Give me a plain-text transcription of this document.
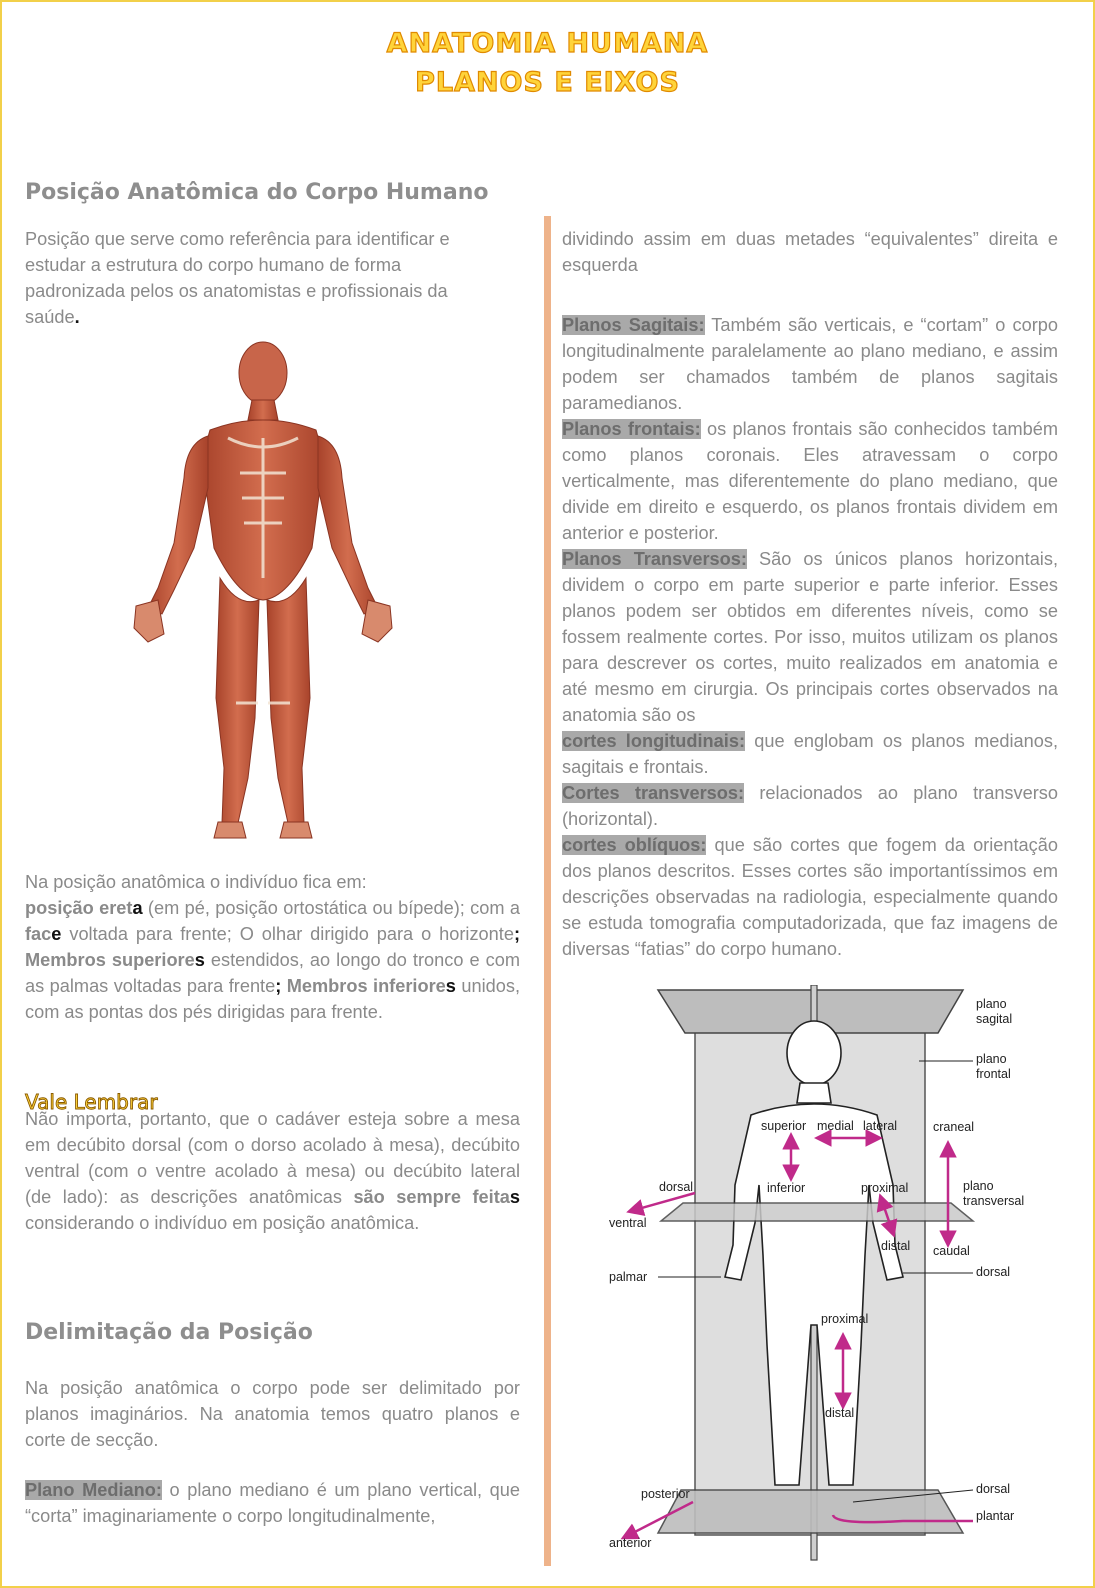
ANATOMIA HUMANA
PLANOS E EIXOS
Posição Anatômica do Corpo Humano

Posição que serve como referência para identificar e estudar a estrutura do corpo humano de forma padronizada pelos os anatomistas e profissionais da saúde.

Na posição anatômica o indivíduo fica em:
posição ereta (em pé, posição ortostática ou bípede); com a face voltada para frente; O olhar dirigido para o horizonte; Membros superiores estendidos, ao longo do tronco e com as palmas voltadas para frente; Membros inferiores unidos, com as pontas dos pés dirigidas para frente.

Vale Lembrar

Não importa, portanto, que o cadáver esteja sobre a mesa em decúbito dorsal (com o dorso acolado à mesa), decúbito ventral (com o ventre acolado à mesa) ou decúbito lateral (de lado): as descrições anatômicas são sempre feitas considerando o indivíduo em posição anatômica.

Delimitação da Posição

Na posição anatômica o corpo pode ser delimitado por planos imaginários. Na anatomia temos quatro planos e corte de secção.

Plano Mediano: o plano mediano é um plano vertical, que “corta” imaginariamente o corpo longitudinalmente,

dividindo assim em duas metades “equivalentes” direita e esquerda

Planos Sagitais: Também são verticais, e “cortam” o corpo longitudinalmente paralelamente ao plano mediano, e assim podem ser chamados também de planos sagitais paramedianos.
Planos frontais: os planos frontais são conhecidos também como planos coronais. Eles atravessam o corpo verticalmente, mas diferentemente do plano mediano, que divide em direito e esquerdo, os planos frontais dividem em anterior e posterior.
Planos Transversos: São os únicos planos horizontais, dividem o corpo em parte superior e parte inferior. Esses planos podem ser obtidos em diferentes níveis, como se fossem realmente cortes. Por isso, muitos utilizam os planos para descrever os cortes, muito realizados em anatomia e até mesmo em cirurgia. Os principais cortes observados na anatomia são os
cortes longitudinais: que englobam os planos medianos, sagitais e frontais.
Cortes transversos: relacionados ao plano transverso (horizontal).
cortes oblíquos: que são cortes que fogem da orientação dos planos descritos. Esses cortes são importantíssimos em descrições observadas na radiologia, especialmente quando se estuda tomografia computadorizada, que faz imagens de diversas “fatias” do corpo humano.

plano
sagital
plano
frontal
superior medial lateral	craneal
dorsal	inferior	proximal	plano
transversal
ventral
distal caudal
palmar	dorsal
proximal
distal
posterior	dorsal
plantar
anterior
